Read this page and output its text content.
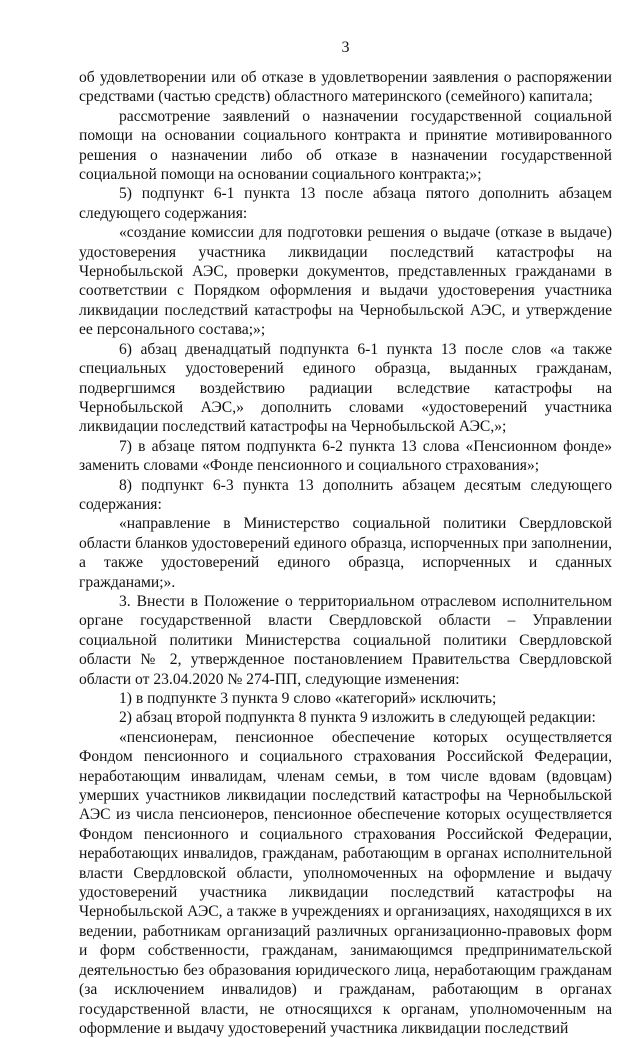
3

об удовлетворении или об отказе в удовлетворении заявления о распоряжении средствами (частью средств) областного материнского (семейного) капитала;

рассмотрение заявлений о назначении государственной социальной помощи на основании социального контракта и принятие мотивированного решения о назначении либо об отказе в назначении государственной социальной помощи на основании социального контракта;»;

5) подпункт 6-1 пункта 13 после абзаца пятого дополнить абзацем следующего содержания:

«создание комиссии для подготовки решения о выдаче (отказе в выдаче) удостоверения участника ликвидации последствий катастрофы на Чернобыльской АЭС, проверки документов, представленных гражданами в соответствии с Порядком оформления и выдачи удостоверения участника ликвидации последствий катастрофы на Чернобыльской АЭС, и утверждение ее персонального состава;»;

6) абзац двенадцатый подпункта 6-1 пункта 13 после слов «а также специальных удостоверений единого образца, выданных гражданам, подвергшимся воздействию радиации вследствие катастрофы на Чернобыльской АЭС,» дополнить словами «удостоверений участника ликвидации последствий катастрофы на Чернобыльской АЭС,»;

7) в абзаце пятом подпункта 6-2 пункта 13 слова «Пенсионном фонде» заменить словами «Фонде пенсионного и социального страхования»;

8) подпункт 6-3 пункта 13 дополнить абзацем десятым следующего содержания:

«направление в Министерство социальной политики Свердловской области бланков удостоверений единого образца, испорченных при заполнении, а также удостоверений единого образца, испорченных и сданных гражданами;».

3. Внести в Положение о территориальном отраслевом исполнительном органе государственной власти Свердловской области – Управлении социальной политики Министерства социальной политики Свердловской области № 2, утвержденное постановлением Правительства Свердловской области от 23.04.2020 № 274-ПП, следующие изменения:

1) в подпункте 3 пункта 9 слово «категорий» исключить;

2) абзац второй подпункта 8 пункта 9 изложить в следующей редакции:

«пенсионерам, пенсионное обеспечение которых осуществляется Фондом пенсионного и социального страхования Российской Федерации, неработающим инвалидам, членам семьи, в том числе вдовам (вдовцам) умерших участников ликвидации последствий катастрофы на Чернобыльской АЭС из числа пенсионеров, пенсионное обеспечение которых осуществляется Фондом пенсионного и социального страхования Российской Федерации, неработающих инвалидов, гражданам, работающим в органах исполнительной власти Свердловской области, уполномоченных на оформление и выдачу удостоверений участника ликвидации последствий катастрофы на Чернобыльской АЭС, а также в учреждениях и организациях, находящихся в их ведении, работникам организаций различных организационно-правовых форм и форм собственности, гражданам, занимающимся предпринимательской деятельностью без образования юридического лица, неработающим гражданам (за исключением инвалидов) и гражданам, работающим в органах государственной власти, не относящихся к органам, уполномоченным на оформление и выдачу удостоверений участника ликвидации последствий
